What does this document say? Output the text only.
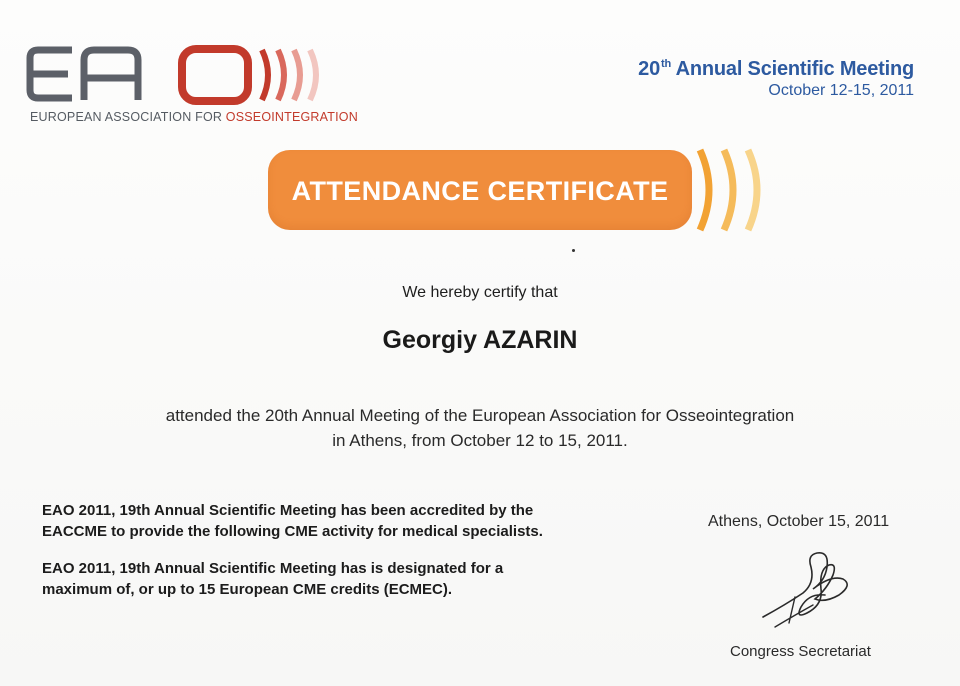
EUROPEAN ASSOCIATION FOR OSSEOINTEGRATION
20th Annual Scientific Meeting
October 12-15, 2011
ATTENDANCE CERTIFICATE
We hereby certify that
Georgiy AZARIN
attended the 20th Annual Meeting of the European Association for Osseointegration
in Athens, from October 12 to 15, 2011.

EAO 2011, 19th Annual Scientific Meeting has been accredited by the
EACCME to provide the following CME activity for medical specialists.

EAO 2011, 19th Annual Scientific Meeting has is designated for a
maximum of, or up to 15 European CME credits (ECMEC).

Athens, October 15, 2011
Congress Secretariat
